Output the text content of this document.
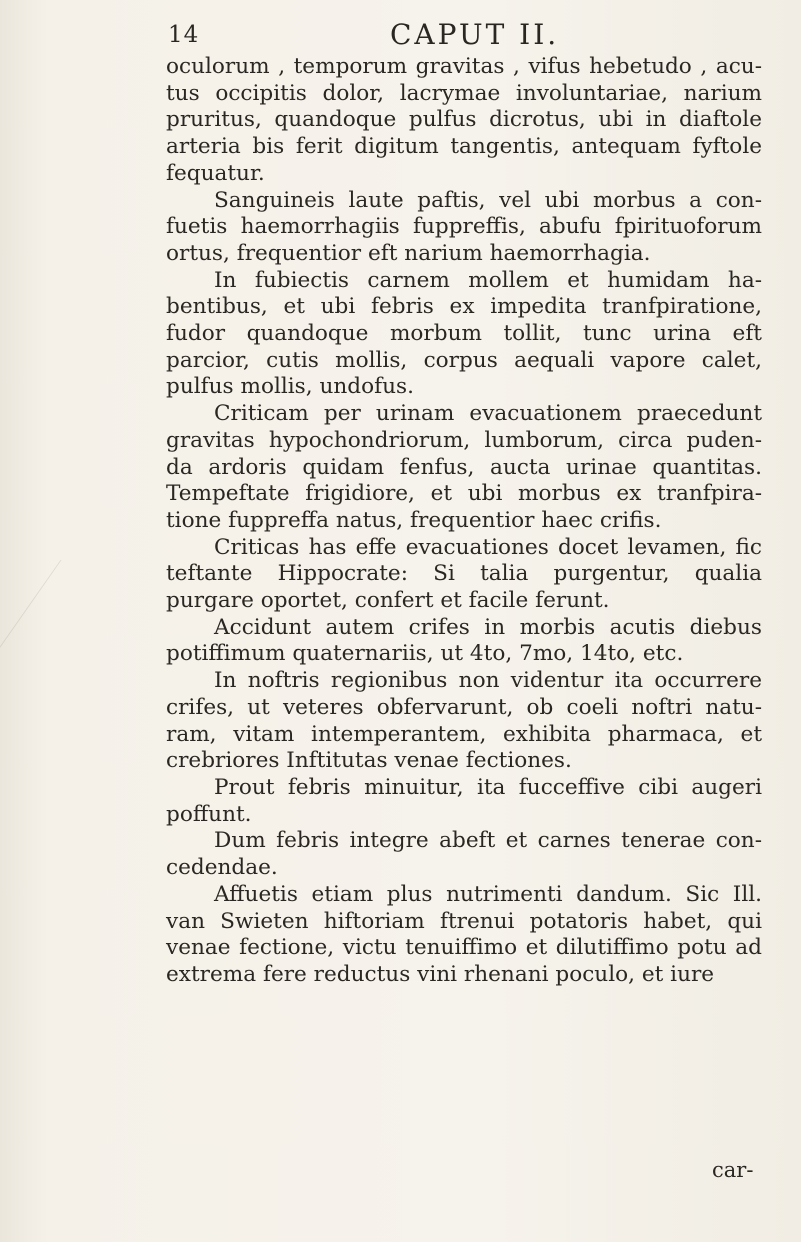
14	CAPUT II.

oculorum , temporum gravitas , vifus hebetudo , acu- tus occipitis dolor, lacrymae involuntariae, narium pruritus, quandoque pulfus dicrotus, ubi in diaftole arteria bis ferit digitum tangentis, antequam fyftole fequatur.

Sanguineis laute paftis, vel ubi morbus a con- fuetis haemorrhagiis fuppreffis, abufu fpirituoforum ortus, frequentior eft narium haemorrhagia.

In fubiectis carnem mollem et humidam ha- bentibus, et ubi febris ex impedita tranfpiratione, fudor quandoque morbum tollit, tunc urina eft parcior, cutis mollis, corpus aequali vapore calet, pulfus mollis, undofus.

Criticam per urinam evacuationem praecedunt gravitas hypochondriorum, lumborum, circa puden- da ardoris quidam fenfus, aucta urinae quantitas. Tempeftate frigidiore, et ubi morbus ex tranfpira- tione fuppreffa natus, frequentior haec crifis.

Criticas has effe evacuationes docet levamen, fic teftante Hippocrate: Si talia purgentur, qualia purgare oportet, confert et facile ferunt.

Accidunt autem crifes in morbis acutis diebus potiffimum quaternariis, ut 4to, 7mo, 14to, etc.

In noftris regionibus non videntur ita occurrere crifes, ut veteres obfervarunt, ob coeli noftri natu- ram, vitam intemperantem, exhibita pharmaca, et crebriores Inftitutas venae fectiones.

Prout febris minuitur, ita fucceffive cibi augeri poffunt.

Dum febris integre abeft et carnes tenerae con- cedendae.

Affuetis etiam plus nutrimenti dandum. Sic Ill. van Swieten hiftoriam ftrenui potatoris habet, qui venae fectione, victu tenuiffimo et dilutiffimo potu ad extrema fere reductus vini rhenani poculo, et iure

car-
